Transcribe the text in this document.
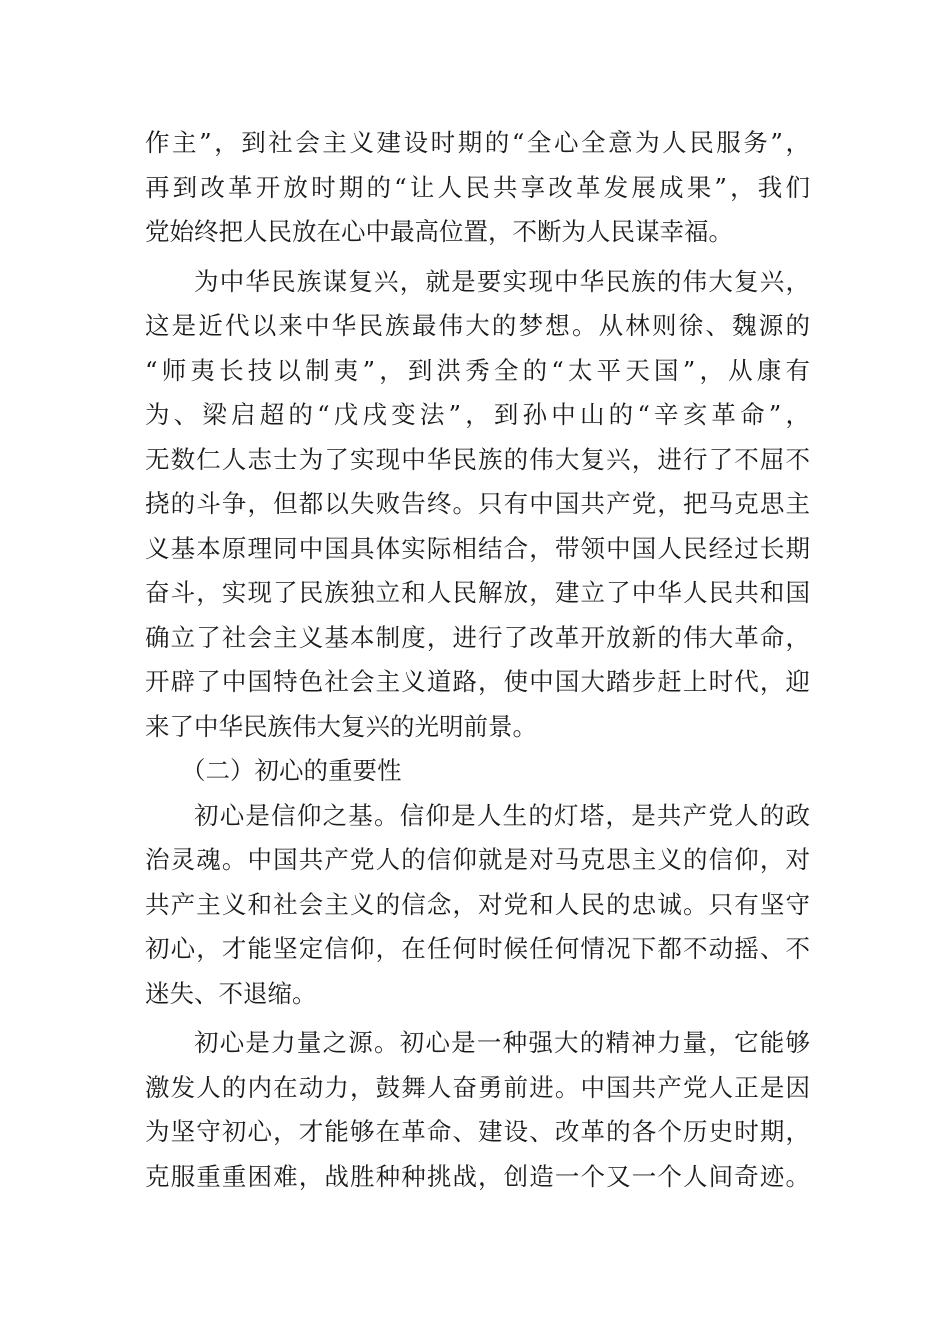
作主”，到社会主义建设时期的“全心全意为人民服务”，
再到改革开放时期的“让人民共享改革发展成果”，我们
党始终把人民放在心中最高位置，不断为人民谋幸福。
为中华民族谋复兴，就是要实现中华民族的伟大复兴，
这是近代以来中华民族最伟大的梦想。从林则徐、魏源的
“师夷长技以制夷”，到洪秀全的“太平天国”，从康有
为、梁启超的“戊戌变法”，到孙中山的“辛亥革命”，
无数仁人志士为了实现中华民族的伟大复兴，进行了不屈不
挠的斗争，但都以失败告终。只有中国共产党，把马克思主
义基本原理同中国具体实际相结合，带领中国人民经过长期
奋斗，实现了民族独立和人民解放，建立了中华人民共和国
确立了社会主义基本制度，进行了改革开放新的伟大革命，
开辟了中国特色社会主义道路，使中国大踏步赶上时代，迎
来了中华民族伟大复兴的光明前景。
（二）初心的重要性
初心是信仰之基。信仰是人生的灯塔，是共产党人的政
治灵魂。中国共产党人的信仰就是对马克思主义的信仰，对
共产主义和社会主义的信念，对党和人民的忠诚。只有坚守
初心，才能坚定信仰，在任何时候任何情况下都不动摇、不
迷失、不退缩。
初心是力量之源。初心是一种强大的精神力量，它能够
激发人的内在动力，鼓舞人奋勇前进。中国共产党人正是因
为坚守初心，才能够在革命、建设、改革的各个历史时期，
克服重重困难，战胜种种挑战，创造一个又一个人间奇迹。
